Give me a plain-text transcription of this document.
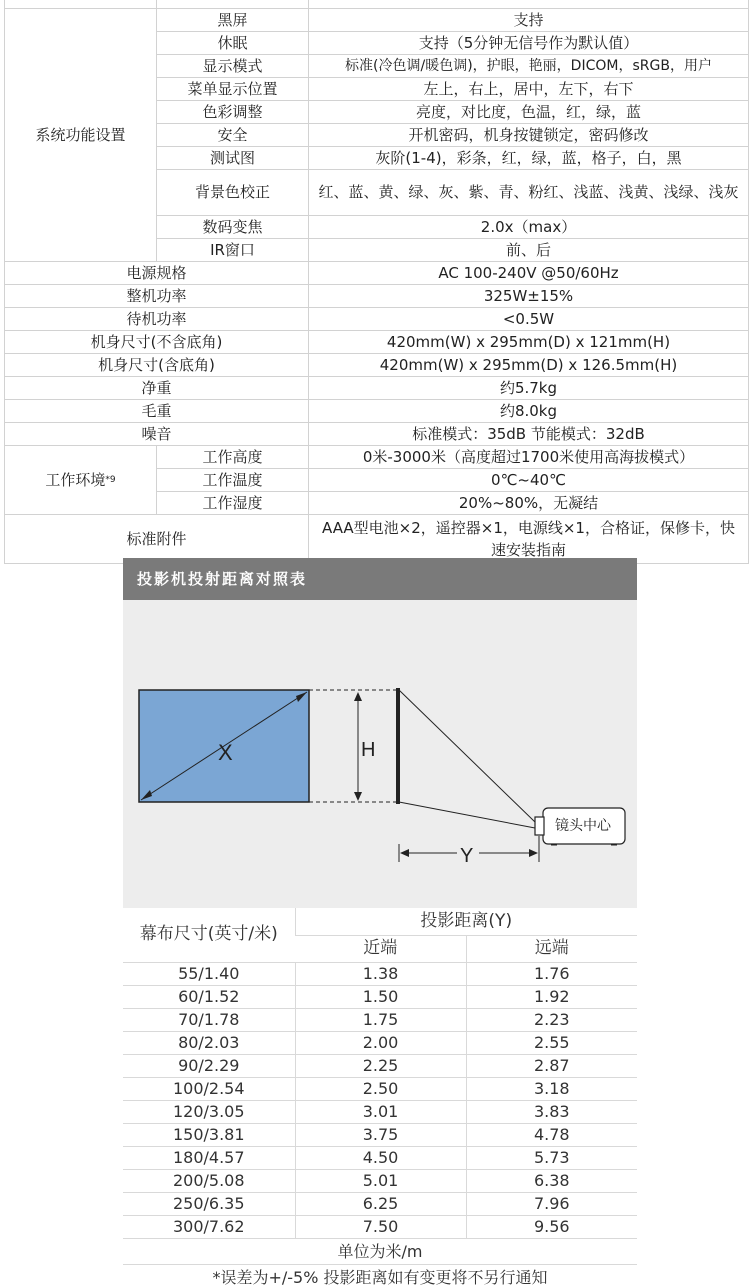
系统功能设置	黑屏	支持
	休眠	支持（5分钟无信号作为默认值）
	显示模式	标准(冷色调/暖色调)，护眼，艳丽，DICOM，sRGB，用户
	菜单显示位置	左上，右上，居中，左下，右下
	色彩调整	亮度，对比度，色温，红，绿，蓝
	安全	开机密码，机身按键锁定，密码修改
	测试图	灰阶(1-4)，彩条，红，绿，蓝，格子，白，黑
	背景色校正	红、蓝、黄、绿、灰、紫、青、粉红、浅蓝、浅黄、浅绿、浅灰
	数码变焦	2.0x（max）
	IR窗口	前、后
电源规格		AC 100-240V @50/60Hz
整机功率		325W±15%
待机功率		<0.5W
机身尺寸(不含底角)		420mm(W) x 295mm(D) x 121mm(H)
机身尺寸(含底角)		420mm(W) x 295mm(D) x 126.5mm(H)
净重		约5.7kg
毛重		约8.0kg
噪音		标准模式：35dB 节能模式：32dB
工作环境$^{*9}$	工作高度	0米-3000米（高度超过1700米使用高海拔模式）
	工作温度	0℃~40℃
	工作湿度	20%~80%，无凝结
标准附件		AAA型电池×2，遥控器×1，电源线×1，合格证，保修卡，快速安装指南
投影机投射距离对照表
X	H
Y
镜头中心
幕布尺寸(英寸/米)	投影距离(Y)	
	近端	远端
55/1.40	1.38	1.76
60/1.52	1.50	1.92
70/1.78	1.75	2.23
80/2.03	2.00	2.55
90/2.29	2.25	2.87
100/2.54	2.50	3.18
120/3.05	3.01	3.83
150/3.81	3.75	4.78
180/4.57	4.50	5.73
200/5.08	5.01	6.38
250/6.35	6.25	7.96
300/7.62	7.50	9.56
单位为米/m		
*误差为+/-5% 投影距离如有变更将不另行通知		
